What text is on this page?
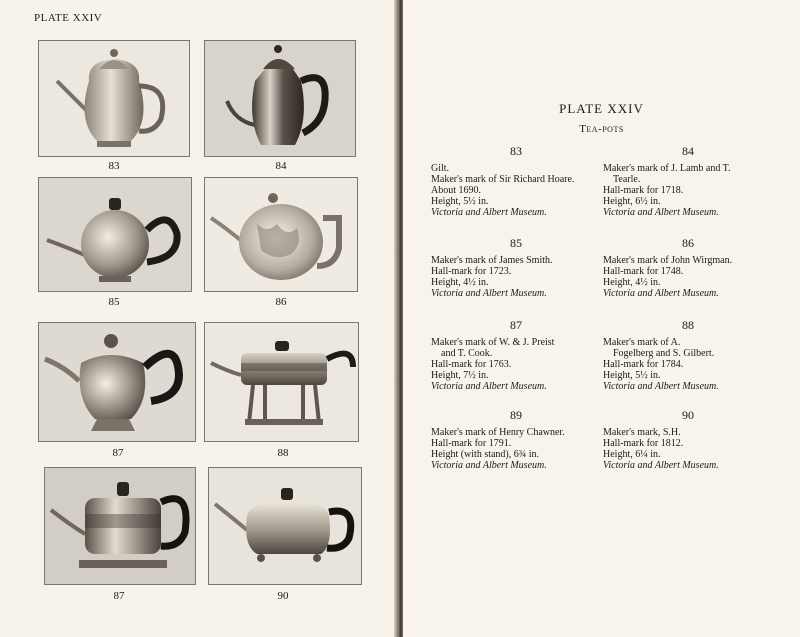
PLATE XXIV
83	84
85	86
87	88
87	90
PLATE XXIV
Tea-pots
83
Gilt.
Maker's mark of Sir Richard Hoare.
About 1690.
Height, 5½ in.
Victoria and Albert Museum.
84
Maker's mark of J. Lamb and T.
Tearle.
Hall-mark for 1718.
Height, 6½ in.
Victoria and Albert Museum.
85
Maker's mark of James Smith.
Hall-mark for 1723.
Height, 4½ in.
Victoria and Albert Museum.
86
Maker's mark of John Wirgman.
Hall-mark for 1748.
Height, 4½ in.
Victoria and Albert Museum.
87
Maker's mark of W. & J. Preist
and T. Cook.
Hall-mark for 1763.
Height, 7½ in.
Victoria and Albert Museum.
88
Maker's mark of A.
Fogelberg and S. Gilbert.
Hall-mark for 1784.
Height, 5½ in.
Victoria and Albert Museum.
89
Maker's mark of Henry Chawner.
Hall-mark for 1791.
Height (with stand), 6¾ in.
Victoria and Albert Museum.
90
Maker's mark, S.H.
Hall-mark for 1812.
Height, 6¼ in.
Victoria and Albert Museum.
